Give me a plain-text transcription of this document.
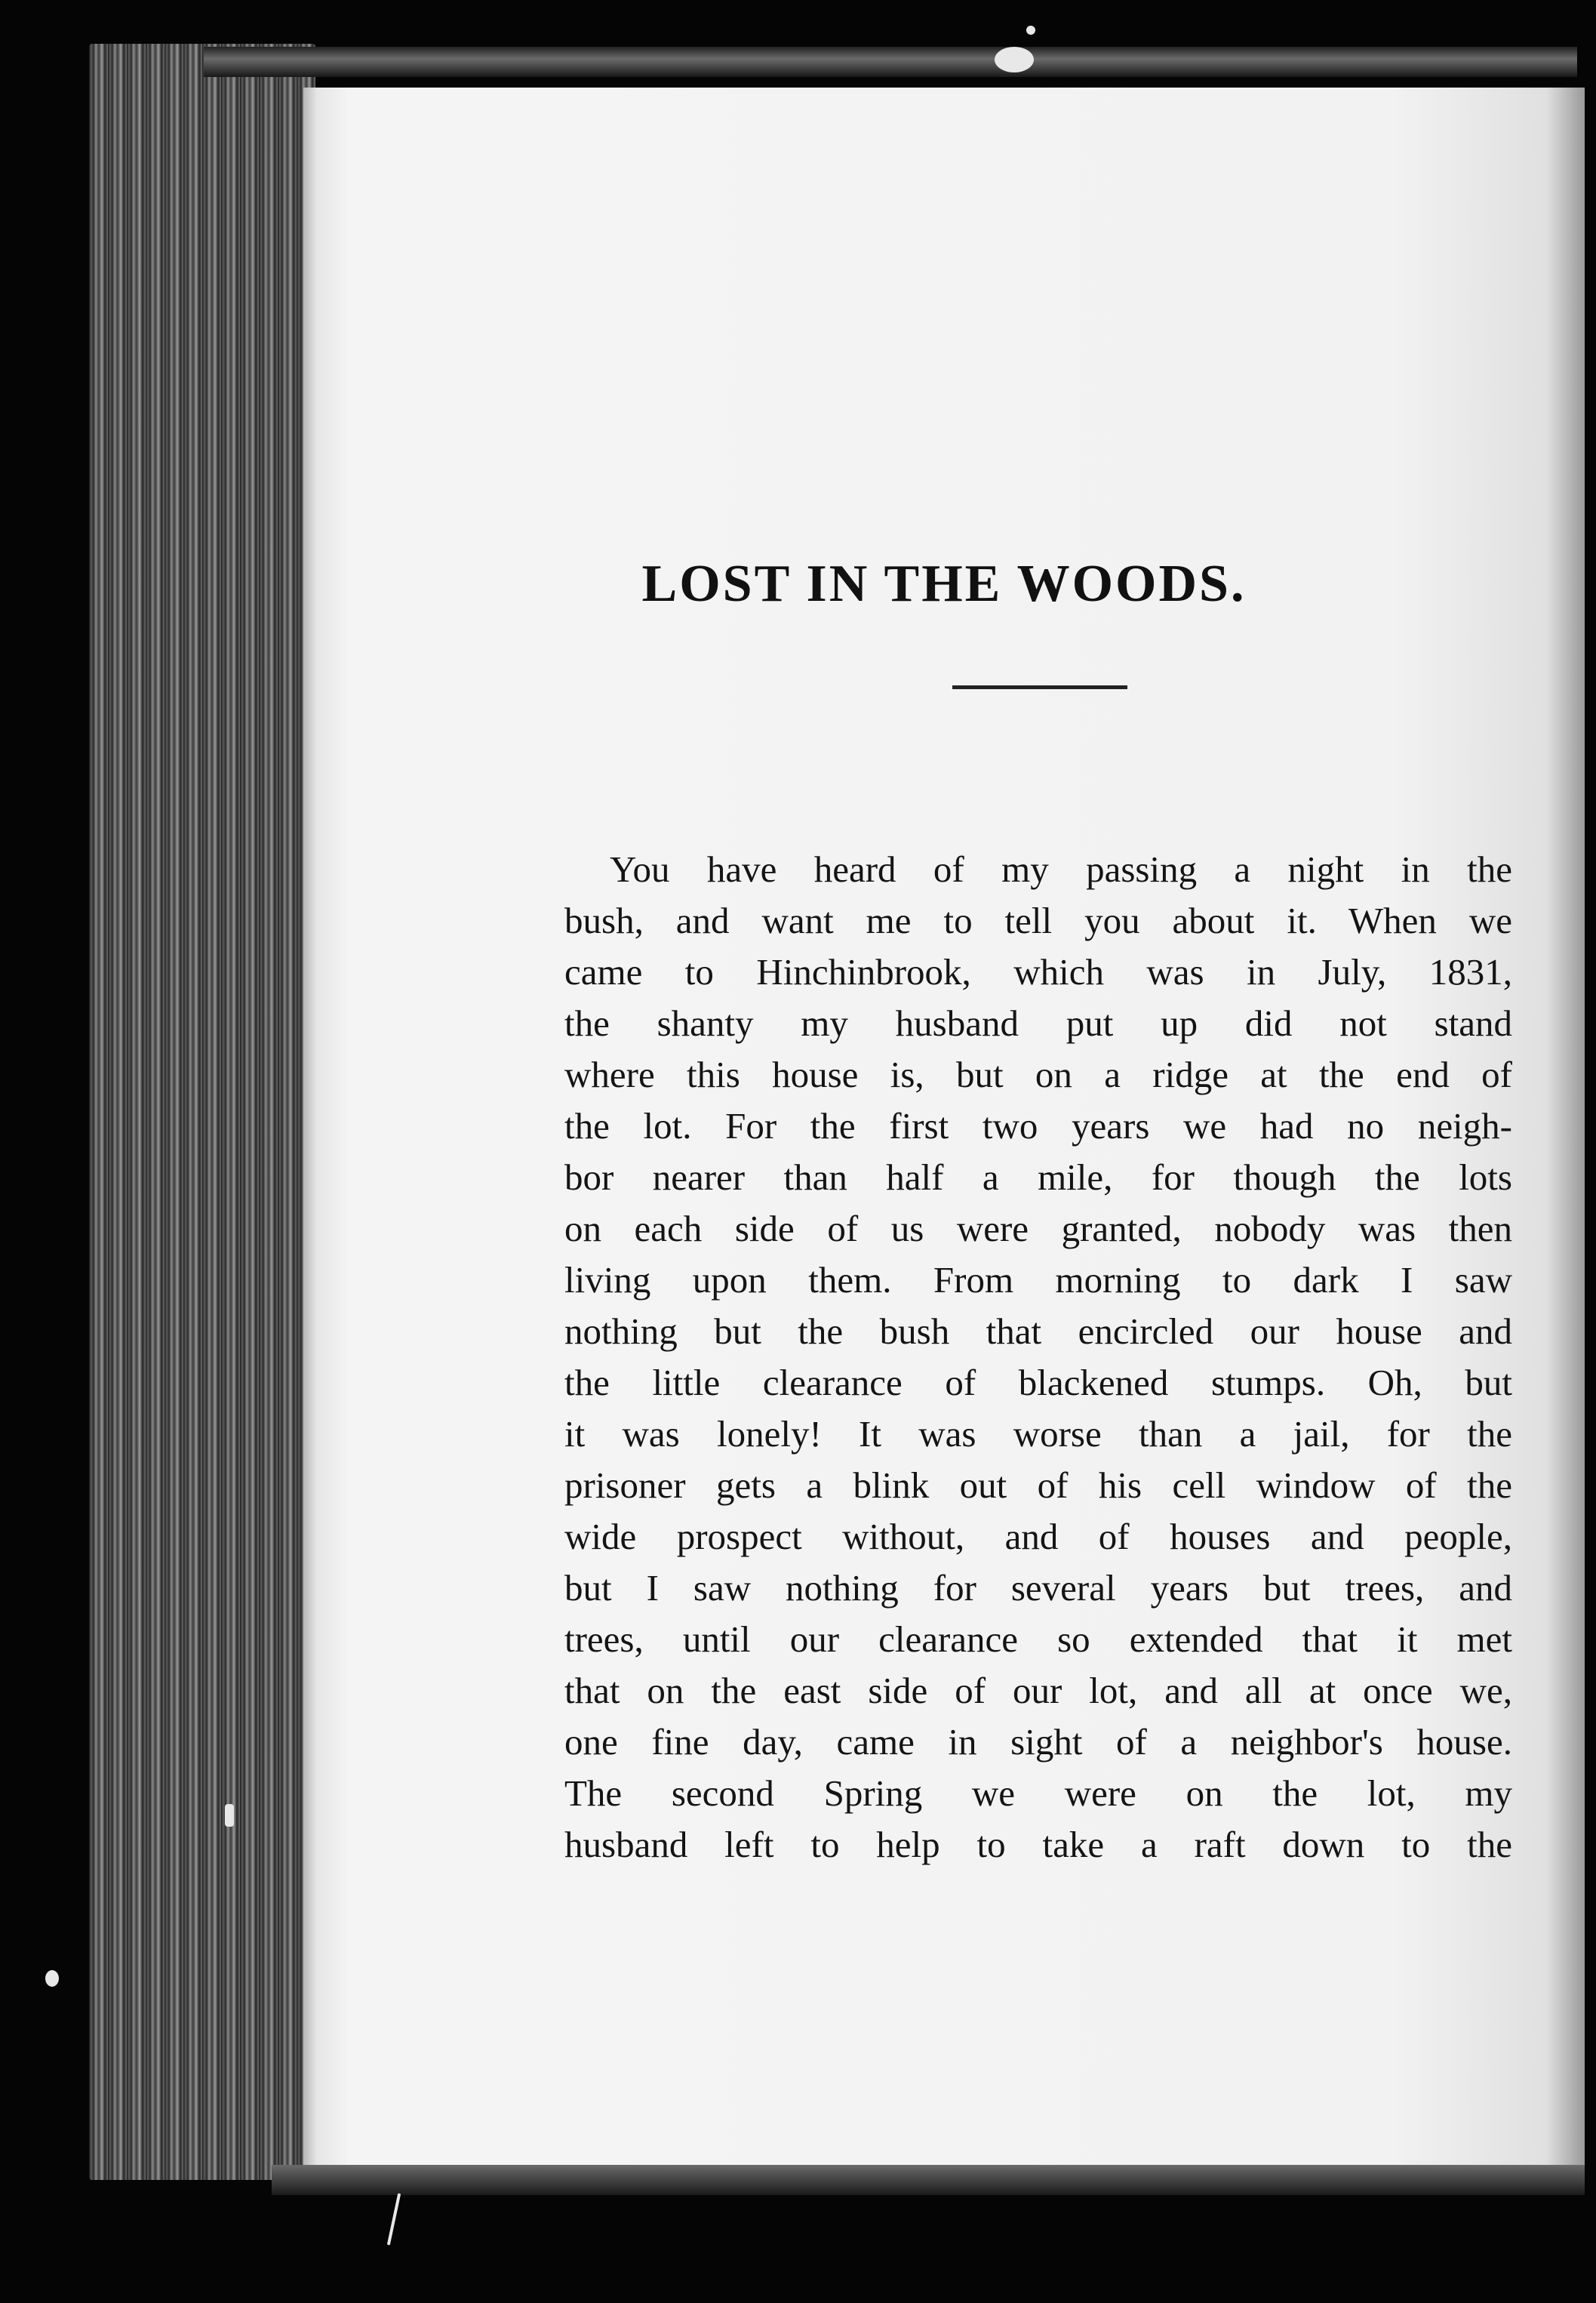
LOST IN THE WOODS.
You have heard of my passing a night in the
bush, and want me to tell you about it. When we
came to Hinchinbrook, which was in July, 1831,
the shanty my husband put up did not stand
where this house is, but on a ridge at the end of
the lot. For the first two years we had no neigh-
bor nearer than half a mile, for though the lots
on each side of us were granted, nobody was then
living upon them. From morning to dark I saw
nothing but the bush that encircled our house and
the little clearance of blackened stumps. Oh, but
it was lonely! It was worse than a jail, for the
prisoner gets a blink out of his cell window of the
wide prospect without, and of houses and people,
but I saw nothing for several years but trees, and
trees, until our clearance so extended that it met
that on the east side of our lot, and all at once we,
one fine day, came in sight of a neighbor's house.
The second Spring we were on the lot, my
husband left to help to take a raft down to the
